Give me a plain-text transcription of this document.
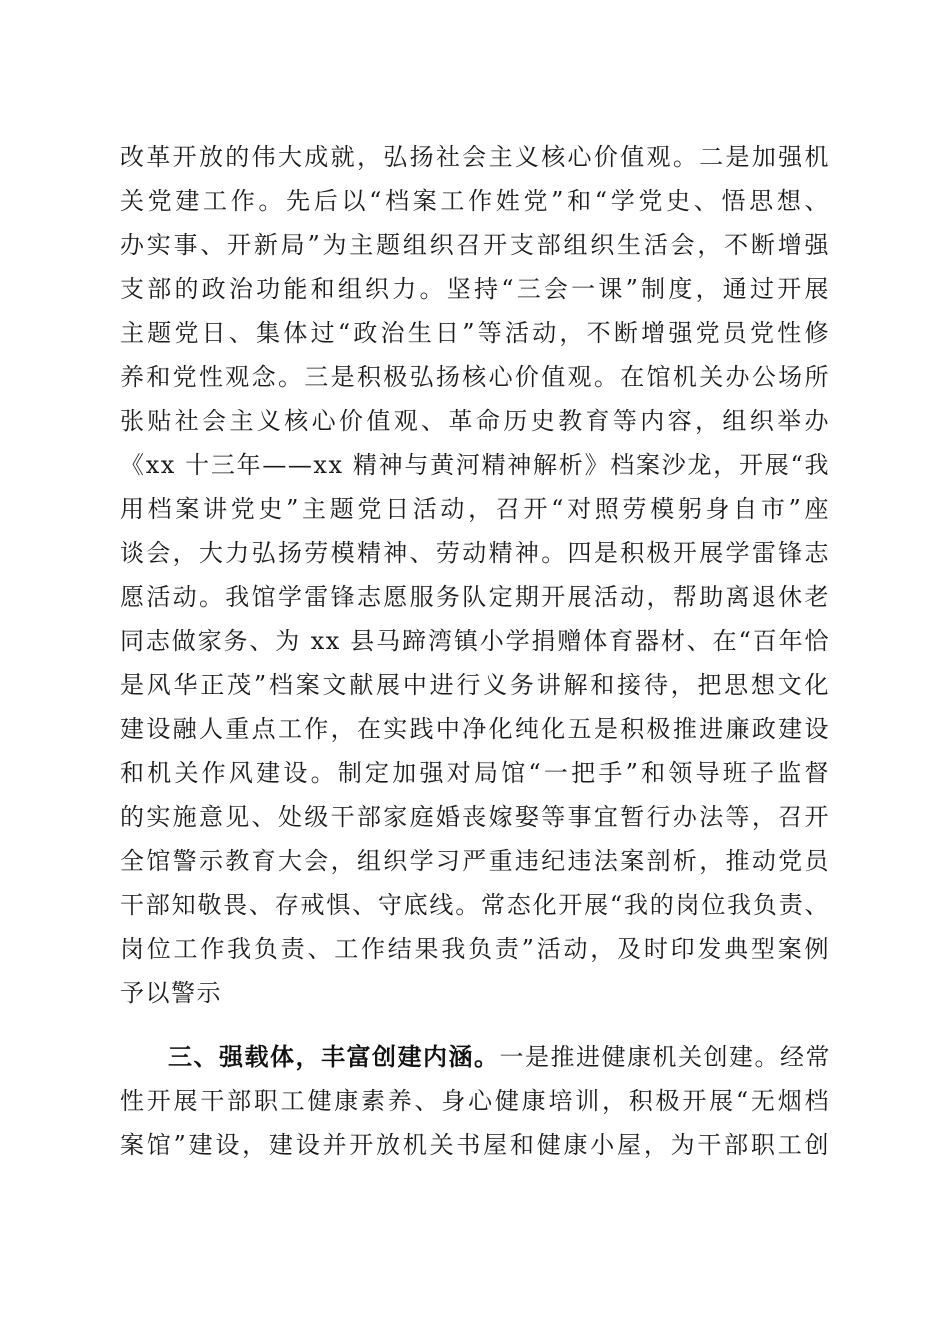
改革开放的伟大成就，弘扬社会主义核心价值观。二是加强机
关党建工作。先后以“档案工作姓党”和“学党史、悟思想、
办实事、开新局”为主题组织召开支部组织生活会，不断增强
支部的政治功能和组织力。坚持“三会一课”制度，通过开展
主题党日、集体过“政治生日”等活动，不断增强党员党性修
养和党性观念。三是积极弘扬核心价值观。在馆机关办公场所
张贴社会主义核心价值观、革命历史教育等内容，组织举办
《xx 十三年——xx 精神与黄河精神解析》档案沙龙，开展“我
用档案讲党史”主题党日活动，召开“对照劳模躬身自市”座
谈会，大力弘扬劳模精神、劳动精神。四是积极开展学雷锋志
愿活动。我馆学雷锋志愿服务队定期开展活动，帮助离退休老
同志做家务、为 xx 县马蹄湾镇小学捐赠体育器材、在“百年恰
是风华正茂”档案文献展中进行义务讲解和接待，把思想文化
建设融人重点工作，在实践中净化纯化五是积极推进廉政建设
和机关作风建设。制定加强对局馆“一把手”和领导班子监督
的实施意见、处级干部家庭婚丧嫁娶等事宜暂行办法等，召开
全馆警示教育大会，组织学习严重违纪违法案剖析，推动党员
干部知敬畏、存戒惧、守底线。常态化开展“我的岗位我负责、
岗位工作我负责、工作结果我负责”活动，及时印发典型案例
予以警示
三、强载体，丰富创建内涵。一是推进健康机关创建。经常
性开展干部职工健康素养、身心健康培训，积极开展“无烟档
案馆”建设，建设并开放机关书屋和健康小屋，为干部职工创
